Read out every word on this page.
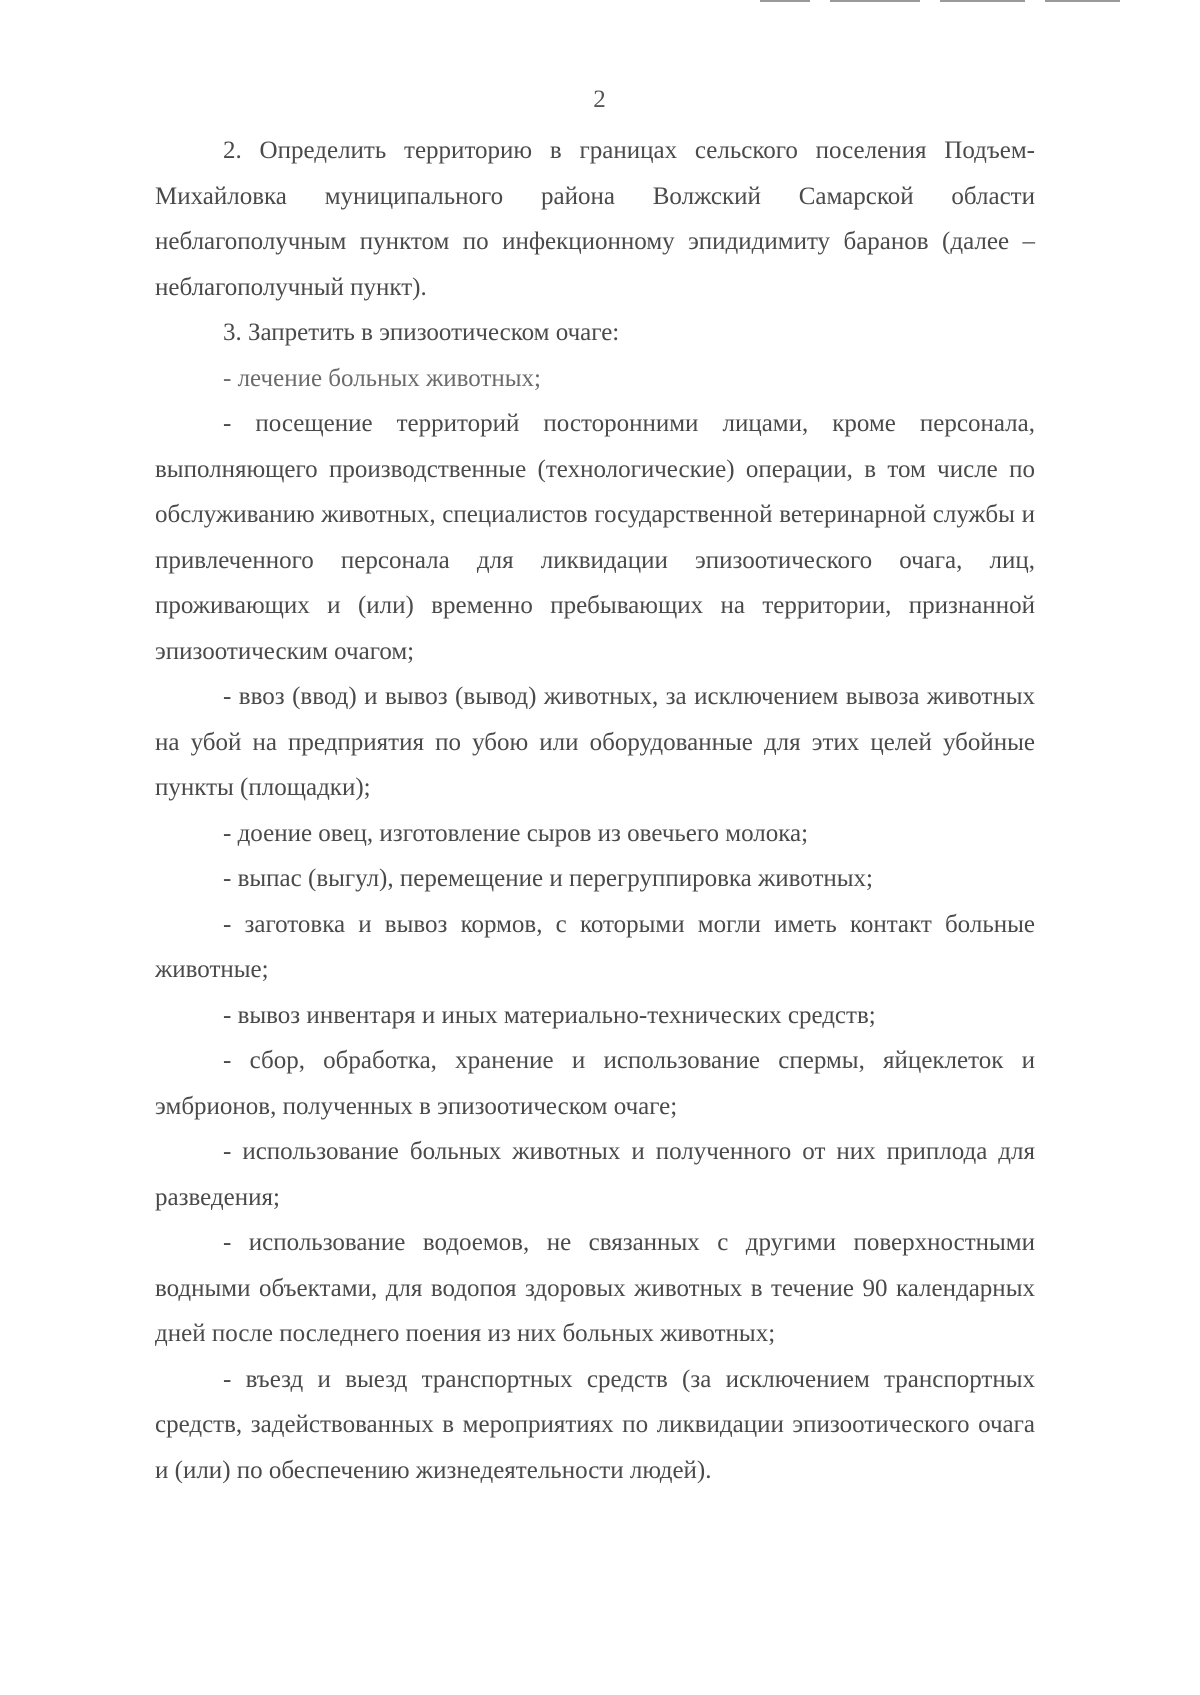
2

2. Определить территорию в границах сельского поселения Подъем-Михайловка муниципального района Волжский Самарской области неблагополучным пунктом по инфекционному эпидидимиту баранов (далее – неблагополучный пункт).

3. Запретить в эпизоотическом очаге:

- лечение больных животных;

- посещение территорий посторонними лицами, кроме персонала, выполняющего производственные (технологические) операции, в том числе по обслуживанию животных, специалистов государственной ветеринарной службы и привлеченного персонала для ликвидации эпизоотического очага, лиц, проживающих и (или) временно пребывающих на территории, признанной эпизоотическим очагом;

- ввоз (ввод) и вывоз (вывод) животных, за исключением вывоза животных на убой на предприятия по убою или оборудованные для этих целей убойные пункты (площадки);

- доение овец, изготовление сыров из овечьего молока;

- выпас (выгул), перемещение и перегруппировка животных;

- заготовка и вывоз кормов, с которыми могли иметь контакт больные животные;

- вывоз инвентаря и иных материально-технических средств;

- сбор, обработка, хранение и использование спермы, яйцеклеток и эмбрионов, полученных в эпизоотическом очаге;

- использование больных животных и полученного от них приплода для разведения;

- использование водоемов, не связанных с другими поверхностными водными объектами, для водопоя здоровых животных в течение 90 календарных дней после последнего поения из них больных животных;

- въезд и выезд транспортных средств (за исключением транспортных средств, задействованных в мероприятиях по ликвидации эпизоотического очага и (или) по обеспечению жизнедеятельности людей).
